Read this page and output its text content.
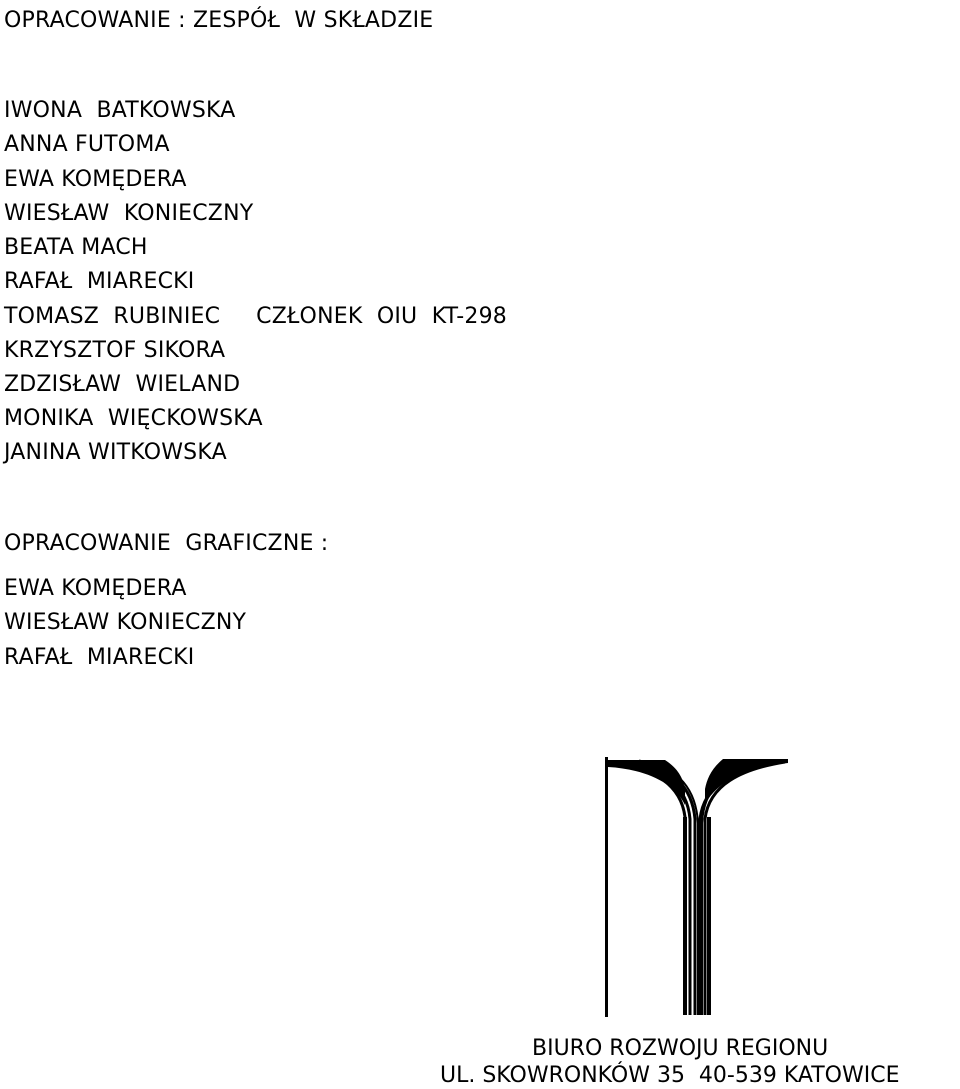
OPRACOWANIE : ZESPÓŁ  W SKŁADZIE
IWONA  BATKOWSKA
ANNA FUTOMA
EWA KOMĘDERA
WIESŁAW  KONIECZNY
BEATA MACH
RAFAŁ  MIARECKI
TOMASZ  RUBINIEC     CZŁONEK  OIU  KT-298
KRZYSZTOF SIKORA
ZDZISŁAW  WIELAND
MONIKA  WIĘCKOWSKA
JANINA WITKOWSKA
OPRACOWANIE  GRAFICZNE :
EWA KOMĘDERA
WIESŁAW KONIECZNY
RAFAŁ  MIARECKI
BIURO ROZWOJU REGIONU
UL. SKOWRONKÓW 35  40-539 KATOWICE
